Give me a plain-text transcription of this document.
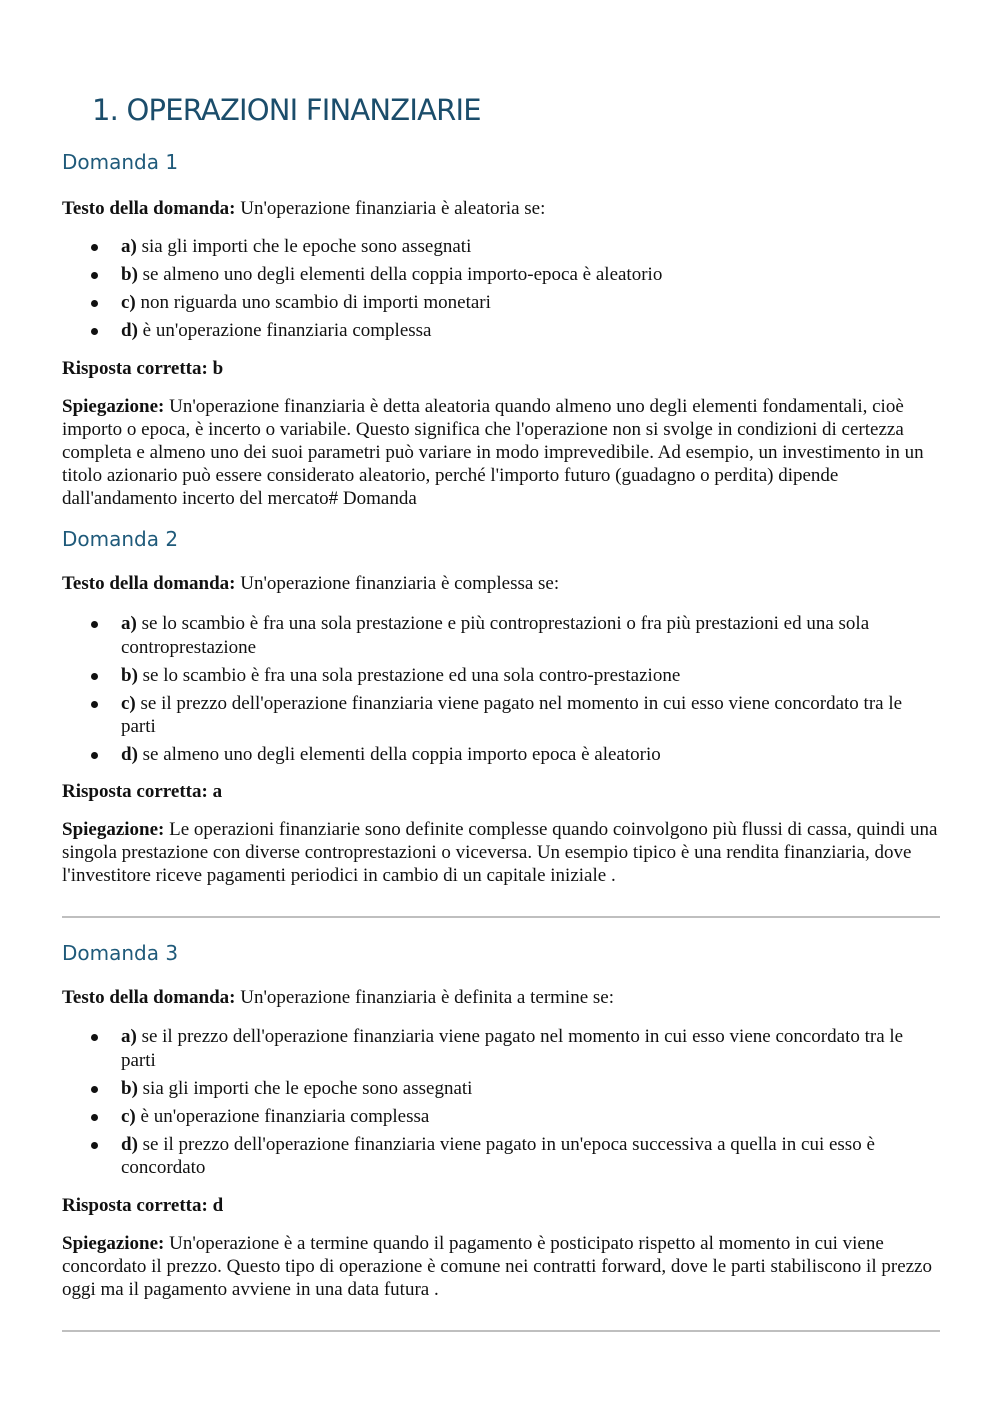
1. OPERAZIONI FINANZIARIE
Domanda 1

Testo della domanda: Un'operazione finanziaria è aleatoria se:

a) sia gli importi che le epoche sono assegnati
b) se almeno uno degli elementi della coppia importo-epoca è aleatorio
c) non riguarda uno scambio di importi monetari
d) è un'operazione finanziaria complessa

Risposta corretta: b

Spiegazione: Un'operazione finanziaria è detta aleatoria quando almeno uno degli elementi fondamentali, cioè importo o epoca, è incerto o variabile. Questo significa che l'operazione non si svolge in condizioni di certezza completa e almeno uno dei suoi parametri può variare in modo imprevedibile. Ad esempio, un investimento in un titolo azionario può essere considerato aleatorio, perché l'importo futuro (guadagno o perdita) dipende dall'andamento incerto del mercato# Domanda

Domanda 2

Testo della domanda: Un'operazione finanziaria è complessa se:

a) se lo scambio è fra una sola prestazione e più controprestazioni o fra più prestazioni ed una sola controprestazione
b) se lo scambio è fra una sola prestazione ed una sola contro-prestazione
c) se il prezzo dell'operazione finanziaria viene pagato nel momento in cui esso viene concordato tra le parti
d) se almeno uno degli elementi della coppia importo epoca è aleatorio

Risposta corretta: a

Spiegazione: Le operazioni finanziarie sono definite complesse quando coinvolgono più flussi di cassa, quindi una singola prestazione con diverse controprestazioni o viceversa. Un esempio tipico è una rendita finanziaria, dove l'investitore riceve pagamenti periodici in cambio di un capitale iniziale .

Domanda 3

Testo della domanda: Un'operazione finanziaria è definita a termine se:

a) se il prezzo dell'operazione finanziaria viene pagato nel momento in cui esso viene concordato tra le parti
b) sia gli importi che le epoche sono assegnati
c) è un'operazione finanziaria complessa
d) se il prezzo dell'operazione finanziaria viene pagato in un'epoca successiva a quella in cui esso è concordato

Risposta corretta: d

Spiegazione: Un'operazione è a termine quando il pagamento è posticipato rispetto al momento in cui viene concordato il prezzo. Questo tipo di operazione è comune nei contratti forward, dove le parti stabiliscono il prezzo oggi ma il pagamento avviene in una data futura .
